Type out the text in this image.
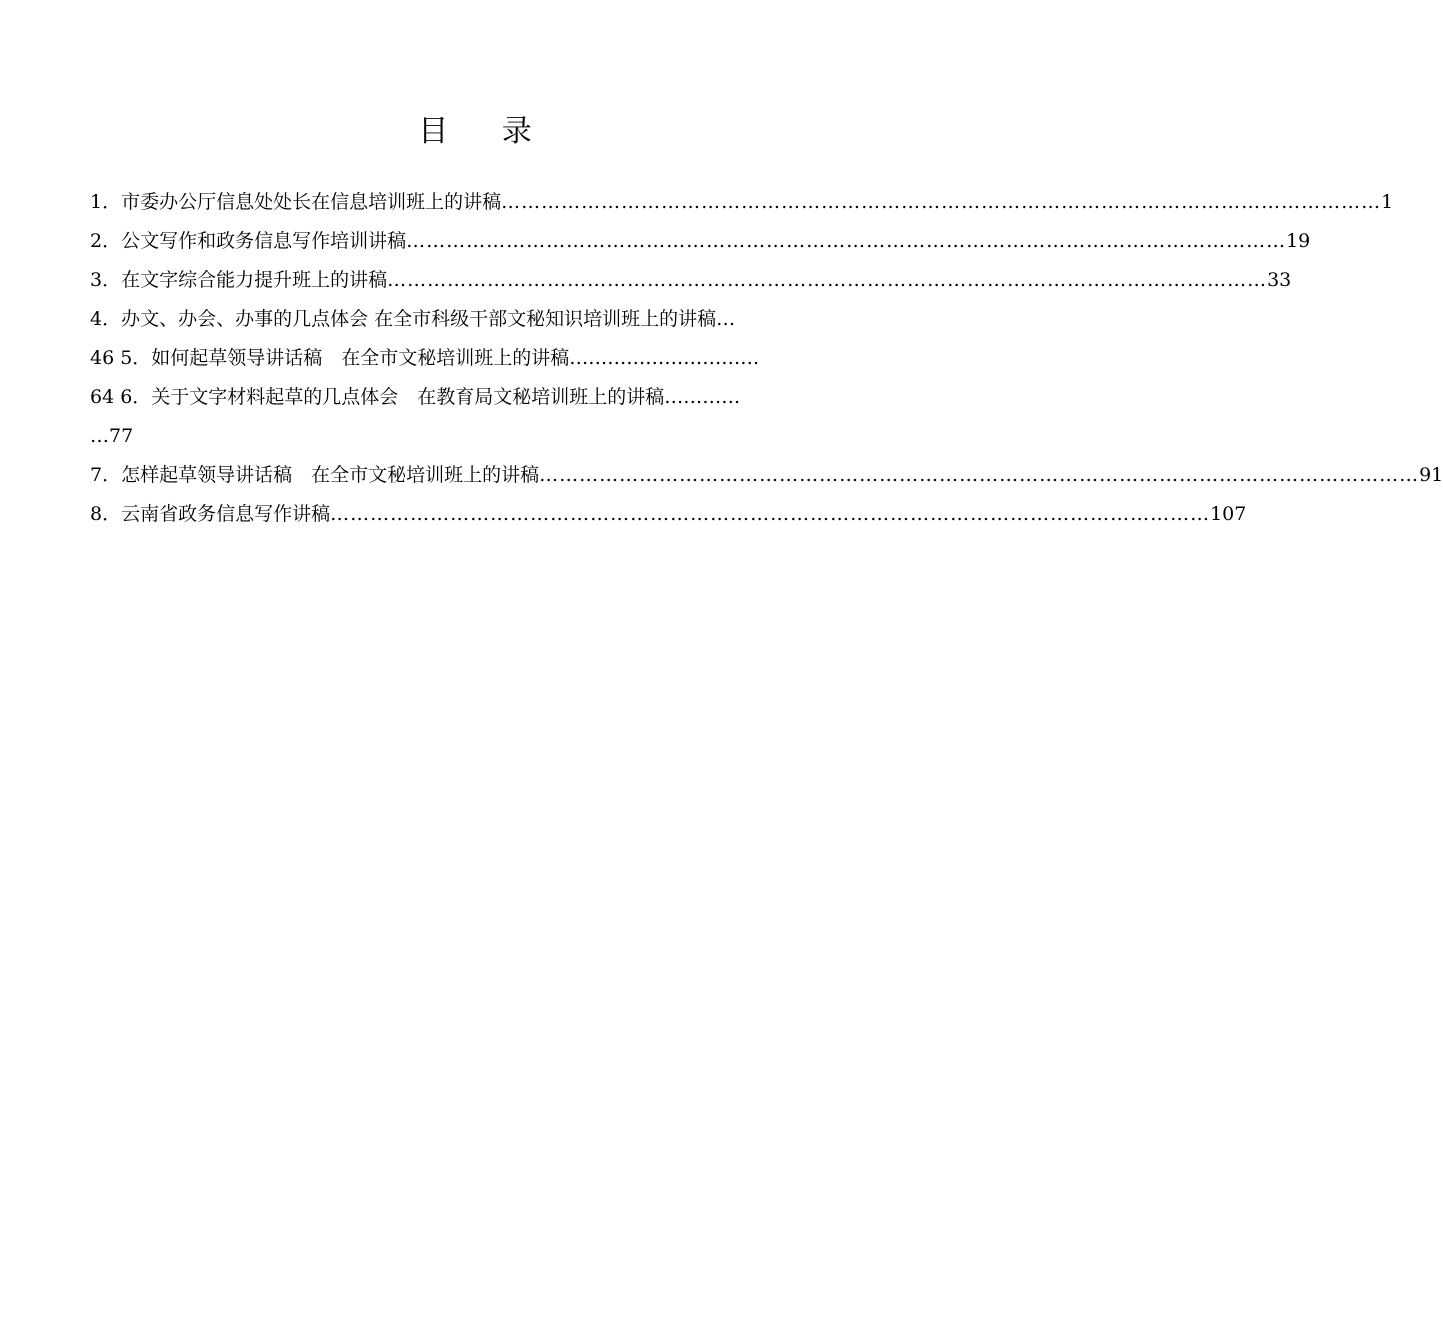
目 录
1．市委办公厅信息处处长在信息培训班上的讲稿 …………………………………………………………………………………………………………………… 1
2．公文写作和政务信息写作培训讲稿 …………………………………………………………………………………………………………………… 19
3．在文字综合能力提升班上的讲稿 …………………………………………………………………………………………………………………… 33
4．办文、办会、办事的几点体会 在全市科级干部文秘知识培训班上的讲稿…
46 5．如何起草领导讲话稿　在全市文秘培训班上的讲稿…………………………
64 6．关于文字材料起草的几点体会　在教育局文秘培训班上的讲稿…………
…77
7．怎样起草领导讲话稿　在全市文秘培训班上的讲稿 …………………………………………………………………………………………………………………… 91
8．云南省政务信息写作讲稿 …………………………………………………………………………………………………………………… 107
